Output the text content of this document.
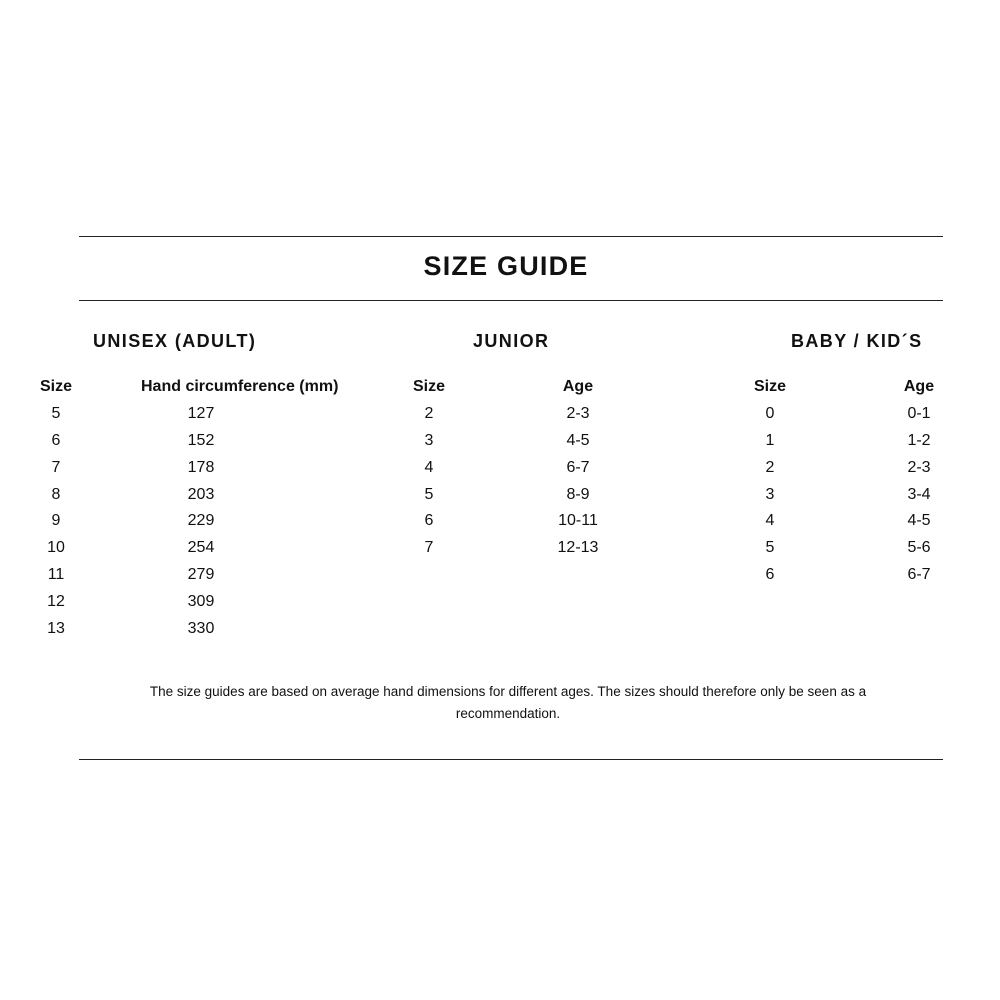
SIZE GUIDE
UNISEX (ADULT)	JUNIOR	BABY / KID´S
Size	Hand circumference (mm)
5	127
6	152
7	178
8	203
9	229
10	254
11	279
12	309
13	330
Size	Age
2	2-3
3	4-5
4	6-7
5	8-9
6	10-11
7	12-13
Size	Age
0	0-1
1	1-2
2	2-3
3	3-4
4	4-5
5	5-6
6	6-7

The size guides are based on average hand dimensions for different ages. The sizes should therefore only be seen as a recommendation.
